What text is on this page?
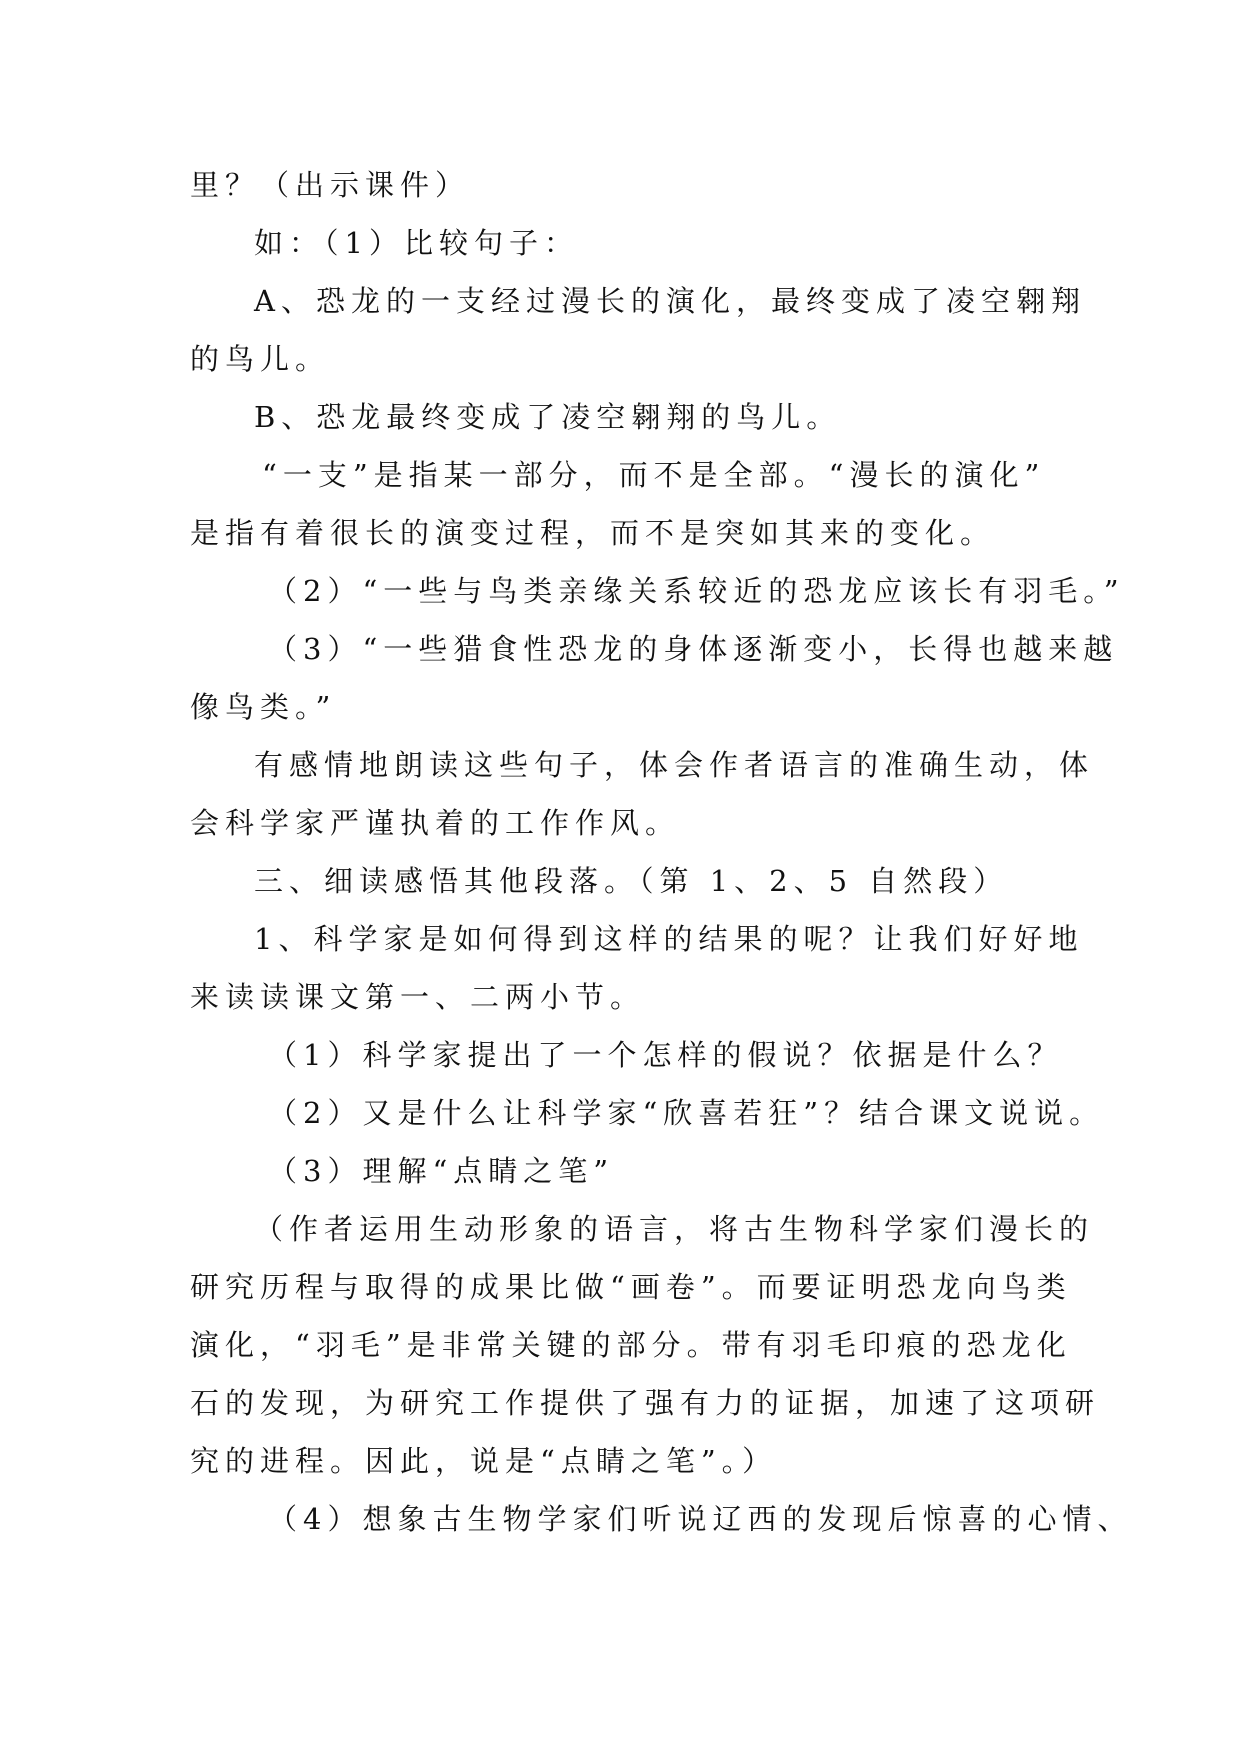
里？（出示课件）
如：（1）比较句子：
A、恐龙的一支经过漫长的演化，最终变成了凌空翱翔
的鸟儿。
B、恐龙最终变成了凌空翱翔的鸟儿。
“一支”是指某一部分，而不是全部。“漫长的演化”
是指有着很长的演变过程，而不是突如其来的变化。
（2）“一些与鸟类亲缘关系较近的恐龙应该长有羽毛。”
（3）“一些猎食性恐龙的身体逐渐变小，长得也越来越
像鸟类。”
有感情地朗读这些句子，体会作者语言的准确生动，体
会科学家严谨执着的工作作风。
三、细读感悟其他段落。（第 1、2、5 自然段）
1、科学家是如何得到这样的结果的呢？让我们好好地
来读读课文第一、二两小节。
（1）科学家提出了一个怎样的假说？依据是什么？
（2）又是什么让科学家“欣喜若狂”？结合课文说说。
（3）理解“点睛之笔”
（作者运用生动形象的语言，将古生物科学家们漫长的
研究历程与取得的成果比做“画卷”。而要证明恐龙向鸟类
演化，“羽毛”是非常关键的部分。带有羽毛印痕的恐龙化
石的发现，为研究工作提供了强有力的证据，加速了这项研
究的进程。因此，说是“点睛之笔”。）
（4）想象古生物学家们听说辽西的发现后惊喜的心情、
